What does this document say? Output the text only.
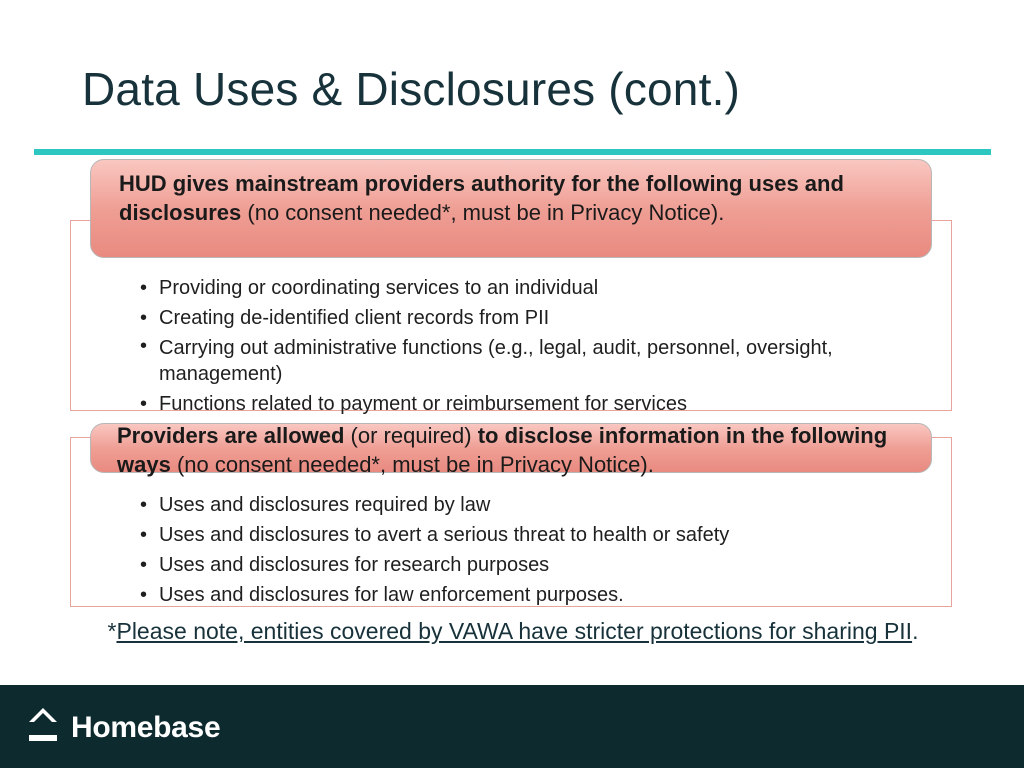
Data Uses & Disclosures (cont.)
HUD gives mainstream providers authority for the following uses and disclosures (no consent needed*, must be in Privacy Notice).
• Providing or coordinating services to an individual
• Creating de-identified client records from PII
• Carrying out administrative functions (e.g., legal, audit, personnel, oversight, management)
• Functions related to payment or reimbursement for services
Providers are allowed (or required) to disclose information in the following ways (no consent needed*, must be in Privacy Notice).
• Uses and disclosures required by law
• Uses and disclosures to avert a serious threat to health or safety
• Uses and disclosures for research purposes
• Uses and disclosures for law enforcement purposes.
*Please note, entities covered by VAWA have stricter protections for sharing PII.
Homebase
